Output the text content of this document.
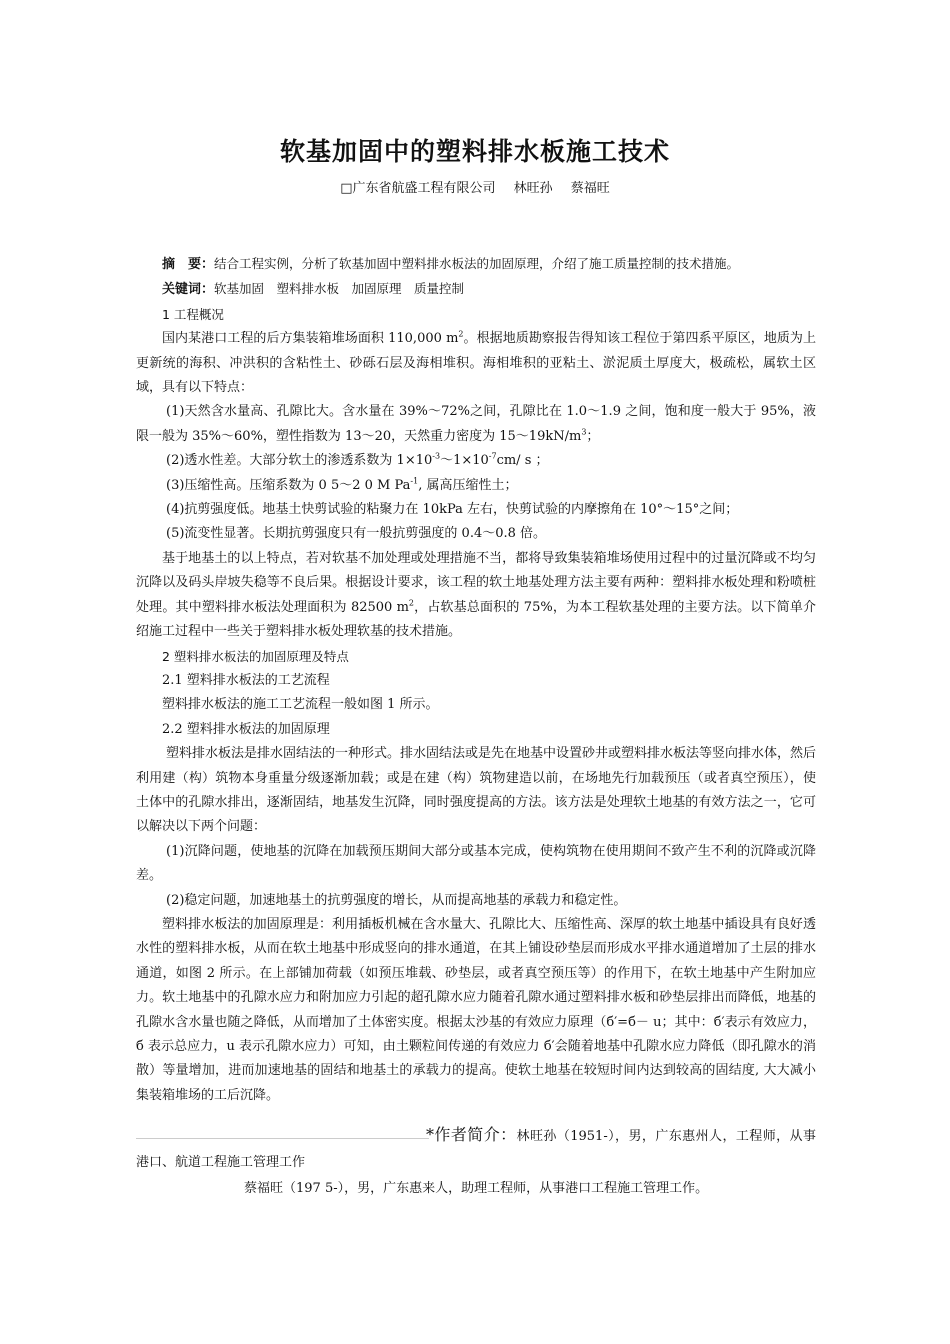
软基加固中的塑料排水板施工技术
□广东省航盛工程有限公司 林旺孙 蔡福旺

摘　要：结合工程实例，分析了软基加固中塑料排水板法的加固原理，介绍了施工质量控制的技术措施。

关键词：软基加固　塑料排水板　加固原理　质量控制

1 工程概况

国内某港口工程的后方集装箱堆场面积 110,000 $m^2$。根据地质勘察报告得知该工程位于第四系平原区，地质为上更新统的海积、冲洪积的含粘性土、砂砾石层及海相堆积。海相堆积的亚粘土、淤泥质土厚度大，极疏松，属软土区域，具有以下特点：

(1)天然含水量高、孔隙比大。含水量在 39%～72%之间，孔隙比在 1.0～1.9 之间，饱和度一般大于 95%，液限一般为 35%～60%，塑性指数为 13～20，天然重力密度为 $15\sim 19kN/m^3$；

(2)透水性差。大部分软土的渗透系数为 $1\times 10^{-3}\sim 1\times 10^{-7}cm/$ s ；

(3)压缩性高。压缩系数为 0 5～2 0 M $Pa^{-1}$, 属高压缩性土；

(4)抗剪强度低。地基土快剪试验的粘聚力在 10kPa 左右，快剪试验的内摩擦角在 10°～15°之间；

(5)流变性显著。长期抗剪强度只有一般抗剪强度的 0.4～0.8 倍。

基于地基土的以上特点，若对软基不加处理或处理措施不当，都将导致集装箱堆场使用过程中的过量沉降或不均匀沉降以及码头岸坡失稳等不良后果。根据设计要求，该工程的软土地基处理方法主要有两种：塑料排水板处理和粉喷桩处理。其中塑料排水板法处理面积为 82500 $m^2$，占软基总面积的 75%，为本工程软基处理的主要方法。以下简单介绍施工过程中一些关于塑料排水板处理软基的技术措施。

2 塑料排水板法的加固原理及特点

2.1 塑料排水板法的工艺流程

塑料排水板法的施工工艺流程一般如图 1 所示。

2.2 塑料排水板法的加固原理

塑料排水板法是排水固结法的一种形式。排水固结法或是先在地基中设置砂井或塑料排水板法等竖向排水体，然后利用建（构）筑物本身重量分级逐渐加载；或是在建（构）筑物建造以前，在场地先行加载预压（或者真空预压），使土体中的孔隙水排出，逐渐固结，地基发生沉降，同时强度提高的方法。该方法是处理软土地基的有效方法之一，它可以解决以下两个问题：

(1)沉降问题，使地基的沉降在加载预压期间大部分或基本完成，使构筑物在使用期间不致产生不利的沉降或沉降差。

(2)稳定问题，加速地基土的抗剪强度的增长，从而提高地基的承载力和稳定性。

塑料排水板法的加固原理是：利用插板机械在含水量大、孔隙比大、压缩性高、深厚的软土地基中插设具有良好透水性的塑料排水板，从而在软土地基中形成竖向的排水通道，在其上铺设砂垫层而形成水平排水通道增加了土层的排水通道，如图 2 所示。在上部铺加荷载（如预压堆载、砂垫层，或者真空预压等）的作用下，在软土地基中产生附加应力。软土地基中的孔隙水应力和附加应力引起的超孔隙水应力随着孔隙水通过塑料排水板和砂垫层排出而降低，地基的孔隙水含水量也随之降低，从而增加了土体密实度。根据太沙基的有效应力原理（б′=б－ u；其中：б′表示有效应力，б 表示总应力，u 表示孔隙水应力）可知，由土颗粒间传递的有效应力 б′会随着地基中孔隙水应力降低（即孔隙水的消散）等量增加，进而加速地基的固结和地基土的承载力的提高。使软土地基在较短时间内达到较高的固结度, 大大减小集装箱堆场的工后沉降。

*作者简介：林旺孙（1951-），男，广东惠州人，工程师，从事港口、航道工程施工管理工作

蔡福旺（197 5-），男，广东惠来人，助理工程师，从事港口工程施工管理工作。
